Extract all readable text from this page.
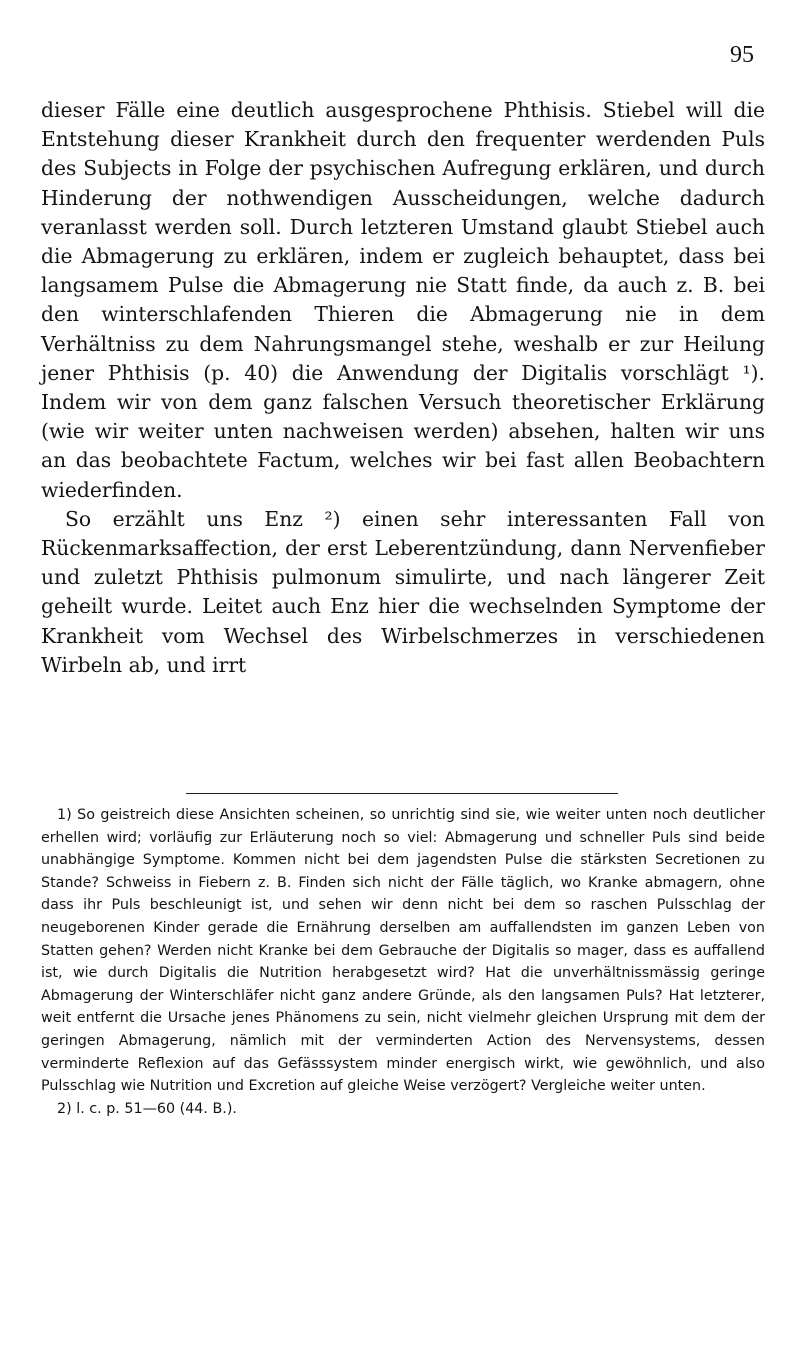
95

dieser Fälle eine deutlich ausgesprochene Phthisis. Stiebel will die Entstehung dieser Krankheit durch den frequenter werdenden Puls des Subjects in Folge der psychischen Aufregung erklären, und durch Hinderung der nothwendigen Ausscheidungen, welche dadurch veranlasst werden soll. Durch letzteren Umstand glaubt Stiebel auch die Abmagerung zu erklären, indem er zugleich behauptet, dass bei langsamem Pulse die Abmagerung nie Statt finde, da auch z. B. bei den winterschlafenden Thieren die Abmagerung nie in dem Verhältniss zu dem Nahrungsmangel stehe, weshalb er zur Heilung jener Phthisis (p. 40) die Anwendung der Digitalis vorschlägt ¹). Indem wir von dem ganz falschen Versuch theoretischer Erklärung (wie wir weiter unten nachweisen werden) absehen, halten wir uns an das beobachtete Factum, welches wir bei fast allen Beobachtern wiederfinden.

So erzählt uns Enz ²) einen sehr interessanten Fall von Rückenmarksaffection, der erst Leberentzündung, dann Nervenfieber und zuletzt Phthisis pulmonum simulirte, und nach längerer Zeit geheilt wurde. Leitet auch Enz hier die wechselnden Symptome der Krankheit vom Wechsel des Wirbelschmerzes in verschiedenen Wirbeln ab, und irrt

1) So geistreich diese Ansichten scheinen, so unrichtig sind sie, wie weiter unten noch deutlicher erhellen wird; vorläufig zur Erläuterung noch so viel: Abmagerung und schneller Puls sind beide unabhängige Symptome. Kommen nicht bei dem jagendsten Pulse die stärksten Secretionen zu Stande? Schweiss in Fiebern z. B. Finden sich nicht der Fälle täglich, wo Kranke abmagern, ohne dass ihr Puls beschleunigt ist, und sehen wir denn nicht bei dem so raschen Pulsschlag der neugeborenen Kinder gerade die Ernährung derselben am auffallendsten im ganzen Leben von Statten gehen? Werden nicht Kranke bei dem Gebrauche der Digitalis so mager, dass es auffallend ist, wie durch Digitalis die Nutrition herabgesetzt wird? Hat die unverhältnissmässig geringe Abmagerung der Winterschläfer nicht ganz andere Gründe, als den langsamen Puls? Hat letzterer, weit entfernt die Ursache jenes Phänomens zu sein, nicht vielmehr gleichen Ursprung mit dem der geringen Abmagerung, nämlich mit der verminderten Action des Nervensystems, dessen verminderte Reflexion auf das Gefässsystem minder energisch wirkt, wie gewöhnlich, und also Pulsschlag wie Nutrition und Excretion auf gleiche Weise verzögert? Vergleiche weiter unten.

2) l. c. p. 51—60 (44. B.).
